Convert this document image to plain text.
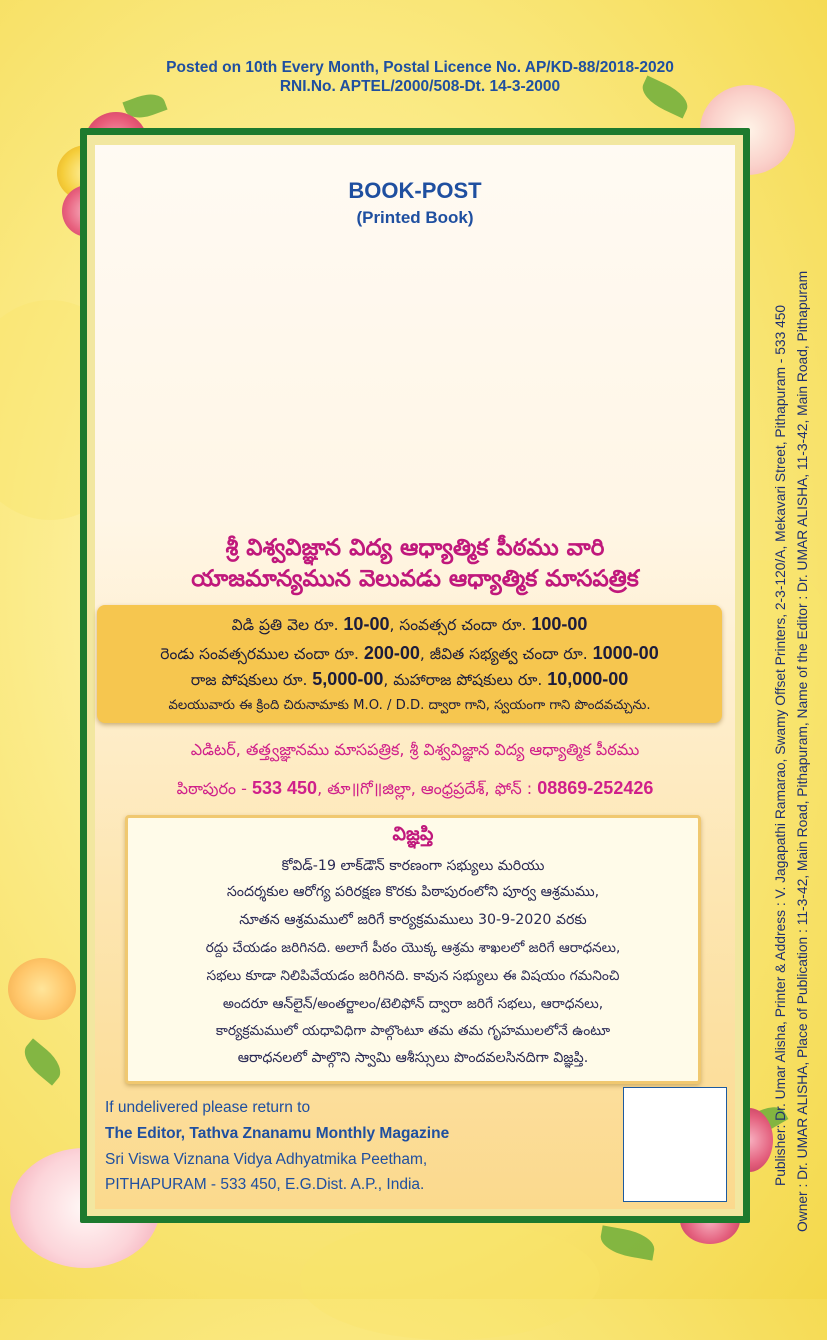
Posted on 10th Every Month, Postal Licence No. AP/KD-88/2018-2020
RNI.No. APTEL/2000/508-Dt. 14-3-2000
BOOK-POST
(Printed Book)
శ్రీ విశ్వవిజ్ఞాన విద్య ఆధ్యాత్మిక పీఠము వారి
యాజమాన్యమున వెలువడు ఆధ్యాత్మిక మాసపత్రిక
విడి ప్రతి వెల రూ. 10-00, సంవత్సర చందా రూ. 100-00
రెండు సంవత్సరముల చందా రూ. 200-00, జీవిత సభ్యత్వ చందా రూ. 1000-00
రాజ పోషకులు రూ. 5,000-00, మహారాజ పోషకులు రూ. 10,000-00
వలయువారు ఈ క్రింది చిరునామాకు M.O. / D.D. ద్వారా గాని, స్వయంగా గాని పొందవచ్చును.
ఎడిటర్, తత్త్వజ్ఞానము మాసపత్రిక, శ్రీ విశ్వవిజ్ఞాన విద్య ఆధ్యాత్మిక పీఠము
పిఠాపురం - 533 450, తూ॥గో॥జిల్లా, ఆంధ్రప్రదేశ్, ఫోన్ : 08869-252426
విజ్ఞప్తి
కోవిడ్-19 లాక్‌డౌన్ కారణంగా సభ్యులు మరియు
సందర్శకుల ఆరోగ్య పరిరక్షణ కొరకు పిఠాపురంలోని పూర్వ ఆశ్రమము,
నూతన ఆశ్రమములో జరిగే కార్యక్రమములు 30-9-2020 వరకు
రద్దు చేయడం జరిగినది. అలాగే పీఠం యొక్క ఆశ్రమ శాఖలలో జరిగే ఆరాధనలు,
సభలు కూడా నిలిపివేయడం జరిగినది. కావున సభ్యులు ఈ విషయం గమనించి
అందరూ ఆన్‌లైన్/అంతర్జాలం/టెలిఫోన్ ద్వారా జరిగే సభలు, ఆరాధనలు,
కార్యక్రమములో యధావిధిగా పాల్గొంటూ తమ తమ గృహములలోనే ఉంటూ
ఆరాధనలలో పాల్గొని స్వామి ఆశీస్సులు పొందవలసినదిగా విజ్ఞప్తి.
If undelivered please return to
The Editor, Tathva Znanamu Monthly Magazine
Sri Viswa Viznana Vidya Adhyatmika Peetham,
PITHAPURAM - 533 450, E.G.Dist. A.P., India.	Publisher: Dr. Umar Alisha, Printer & Address : V. Jagapathi Ramarao, Swamy Offset Printers, 2-3-120/A, Mekavari Street, Pithapuram - 533 450 Owner : Dr. UMAR ALISHA, Place of Publication : 11-3-42, Main Road, Pithapuram, Name of the Editor : Dr. UMAR ALISHA, 11-3-42, Main Road, Pithapuram
